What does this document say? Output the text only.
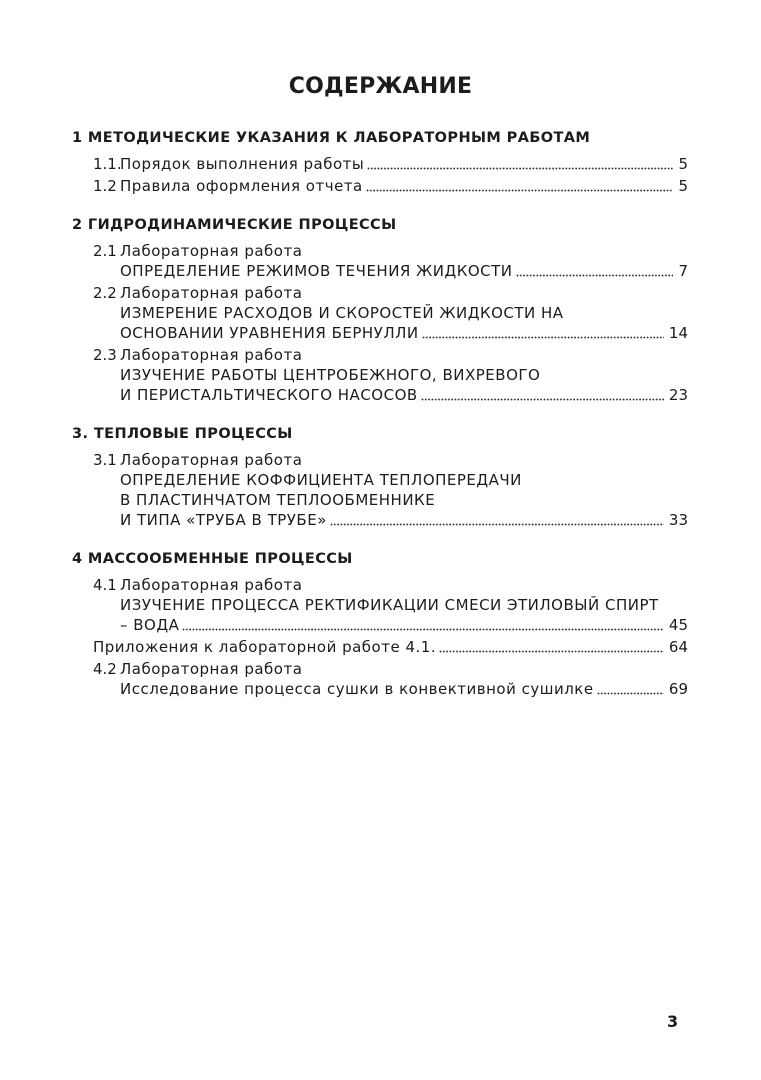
СОДЕРЖАНИЕ
1 МЕТОДИЧЕСКИЕ УКАЗАНИЯ К ЛАБОРАТОРНЫМ РАБОТАМ
1.1.
Порядок выполнения работы	5
1.2 Правила оформления отчета	5
2 ГИДРОДИНАМИЧЕСКИЕ ПРОЦЕССЫ
2.1 Лабораторная работа
ОПРЕДЕЛЕНИЕ РЕЖИМОВ ТЕЧЕНИЯ ЖИДКОСТИ	7
2.2 Лабораторная работа
ИЗМЕРЕНИЕ РАСХОДОВ И СКОРОСТЕЙ ЖИДКОСТИ НА
ОСНОВАНИИ УРАВНЕНИЯ БЕРНУЛЛИ	14
2.3 Лабораторная работа
ИЗУЧЕНИЕ РАБОТЫ ЦЕНТРОБЕЖНОГО, ВИХРЕВОГО
И ПЕРИСТАЛЬТИЧЕСКОГО НАСОСОВ	23
3. ТЕПЛОВЫЕ ПРОЦЕССЫ
3.1 Лабораторная работа
ОПРЕДЕЛЕНИЕ КОФФИЦИЕНТА ТЕПЛОПЕРЕДАЧИ
В ПЛАСТИНЧАТОМ ТЕПЛООБМЕННИКЕ
И ТИПА «ТРУБА В ТРУБЕ»	33
4 МАССООБМЕННЫЕ ПРОЦЕССЫ
4.1 Лабораторная работа
ИЗУЧЕНИЕ ПРОЦЕССА РЕКТИФИКАЦИИ СМЕСИ ЭТИЛОВЫЙ СПИРТ
– ВОДА	45
Приложения к лабораторной работе 4.1.	64
4.2 Лабораторная работа
Исследование процесса сушки в конвективной сушилке	69
3
